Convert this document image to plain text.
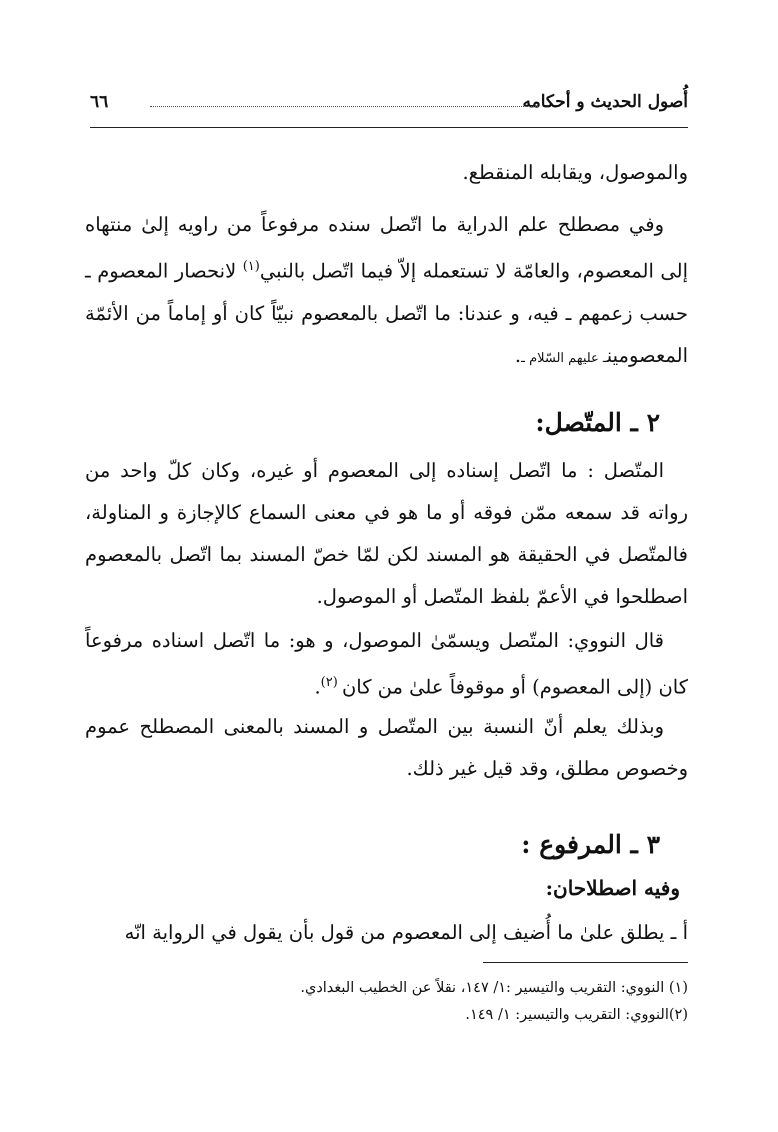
أُصول الحديث و أحكامه
٦٦
والموصول، ويقابله المنقطع.
وفي مصطلح علم الدراية ما اتّصل سنده مرفوعاً من راويه إلىٰ منتهاه إلى المعصوم، والعامّة لا تستعمله إلاّ فيما اتّصل بالنبي$^{(١)}$ لانحصار المعصوم ـ حسب زعمهم ـ فيه، و عندنا: ما اتّصل بالمعصوم نبيّاً كان أو إماماً من الأئمّة المعصومينـ عليهم السّلام ـ.
٢ ـ المتّصل:
المتّصل : ما اتّصل إسناده إلى المعصوم أو غيره، وكان كلّ واحد من رواته قد سمعه ممّن فوقه أو ما هو في معنى السماع كالإجازة و المناولة، فالمتّصل في الحقيقة هو المسند لكن لمّا خصّ المسند بما اتّصل بالمعصوم اصطلحوا في الأعمّ بلفظ المتّصل أو الموصول.
قال النووي: المتّصل ويسمّىٰ الموصول، و هو: ما اتّصل اسناده مرفوعاً كان (إلى المعصوم) أو موقوفاً علىٰ من كان $^{(٢)}$.
وبذلك يعلم أنّ النسبة بين المتّصل و المسند بالمعنى المصطلح عموم وخصوص مطلق، وقد قيل غير ذلك.
٣ ـ المرفوع :
وفيه اصطلاحان:
أ ـ يطلق علىٰ ما أُضيف إلى المعصوم من قول بأن يقول في الرواية انّه

(١) النووي: التقريب والتيسير :١/ ١٤٧، نقلاً عن الخطيب البغدادي.

(٢)النووي: التقريب والتيسير: ١/ ١٤٩.
